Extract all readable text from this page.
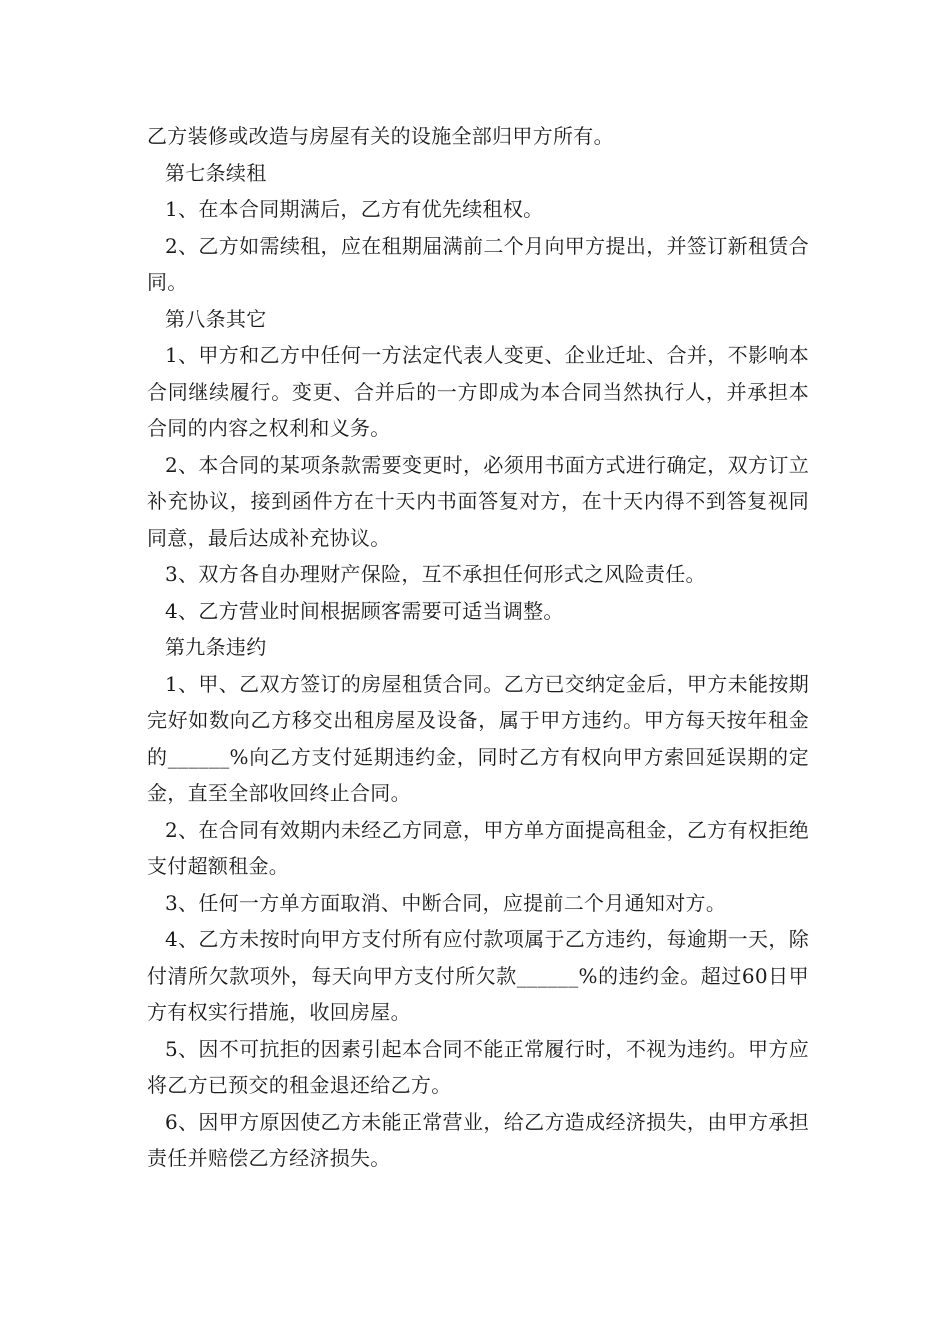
乙方装修或改造与房屋有关的设施全部归甲方所有。

第七条续租

1、在本合同期满后，乙方有优先续租权。

2、乙方如需续租，应在租期届满前二个月向甲方提出，并签订新租赁合同。

第八条其它

1、甲方和乙方中任何一方法定代表人变更、企业迁址、合并，不影响本合同继续履行。变更、合并后的一方即成为本合同当然执行人，并承担本合同的内容之权利和义务。

2、本合同的某项条款需要变更时，必须用书面方式进行确定，双方订立补充协议，接到函件方在十天内书面答复对方，在十天内得不到答复视同同意，最后达成补充协议。

3、双方各自办理财产保险，互不承担任何形式之风险责任。

4、乙方营业时间根据顾客需要可适当调整。

第九条违约

1、甲、乙双方签订的房屋租赁合同。乙方已交纳定金后，甲方未能按期完好如数向乙方移交出租房屋及设备，属于甲方违约。甲方每天按年租金的______%向乙方支付延期违约金，同时乙方有权向甲方索回延误期的定金，直至全部收回终止合同。

2、在合同有效期内未经乙方同意，甲方单方面提高租金，乙方有权拒绝支付超额租金。

3、任何一方单方面取消、中断合同，应提前二个月通知对方。

4、乙方未按时向甲方支付所有应付款项属于乙方违约，每逾期一天，除付清所欠款项外，每天向甲方支付所欠款______%的违约金。超过60日甲方有权实行措施，收回房屋。

5、因不可抗拒的因素引起本合同不能正常履行时，不视为违约。甲方应将乙方已预交的租金退还给乙方。

6、因甲方原因使乙方未能正常营业，给乙方造成经济损失，由甲方承担责任并赔偿乙方经济损失。
